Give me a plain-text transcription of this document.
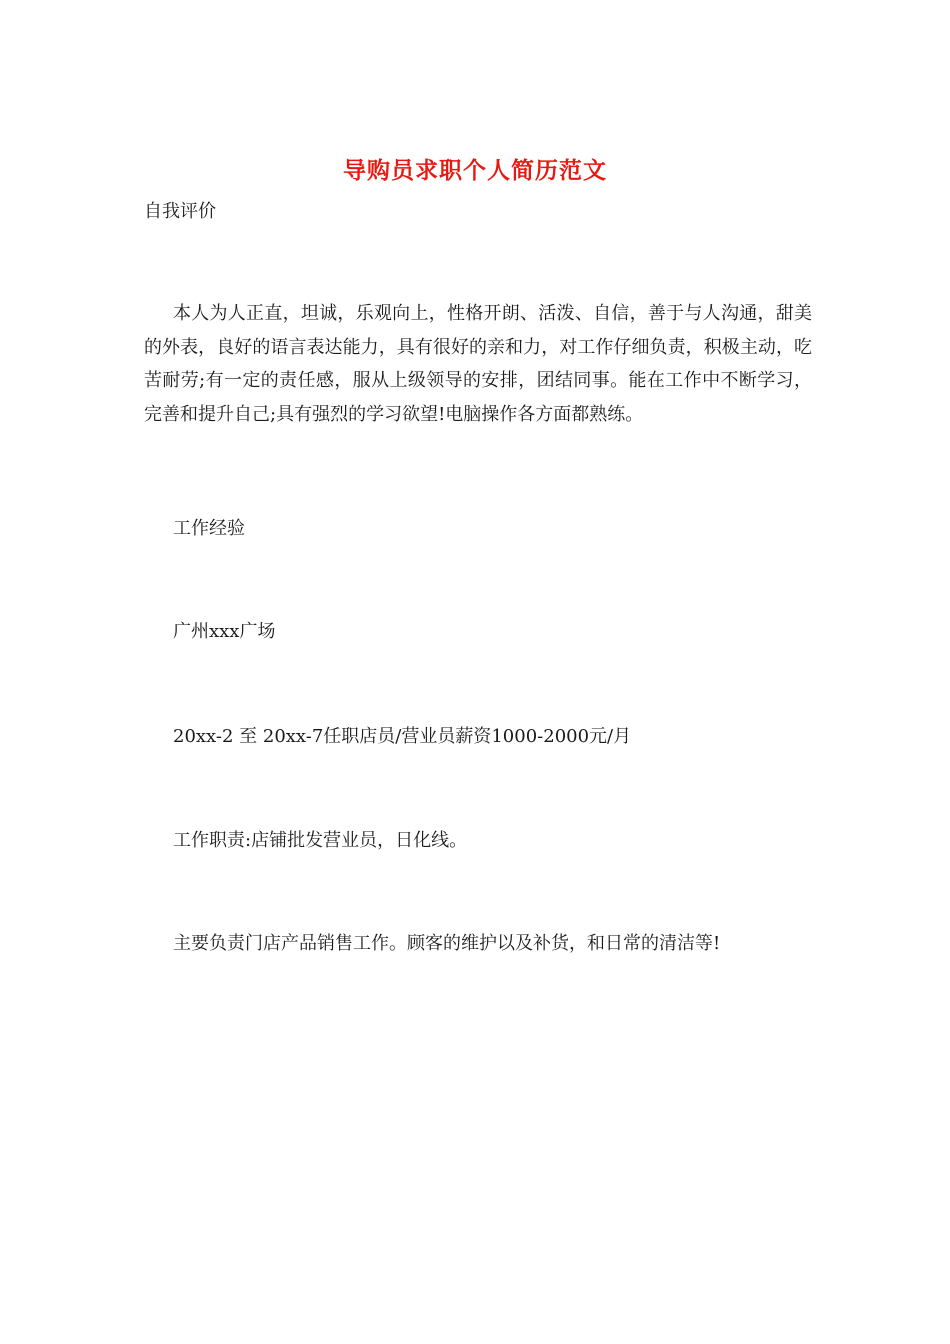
导购员求职个人简历范文
自我评价
本人为人正直，坦诚，乐观向上，性格开朗、活泼、自信，善于与人沟通，甜美的外表，良好的语言表达能力，具有很好的亲和力，对工作仔细负责，积极主动，吃苦耐劳;有一定的责任感，服从上级领导的安排，团结同事。能在工作中不断学习，完善和提升自己;具有强烈的学习欲望!电脑操作各方面都熟练。
工作经验
广州xxx广场
20xx-2 至 20xx-7任职店员/营业员薪资1000-2000元/月
工作职责:店铺批发营业员，日化线。
主要负责门店产品销售工作。顾客的维护以及补货，和日常的清洁等!
